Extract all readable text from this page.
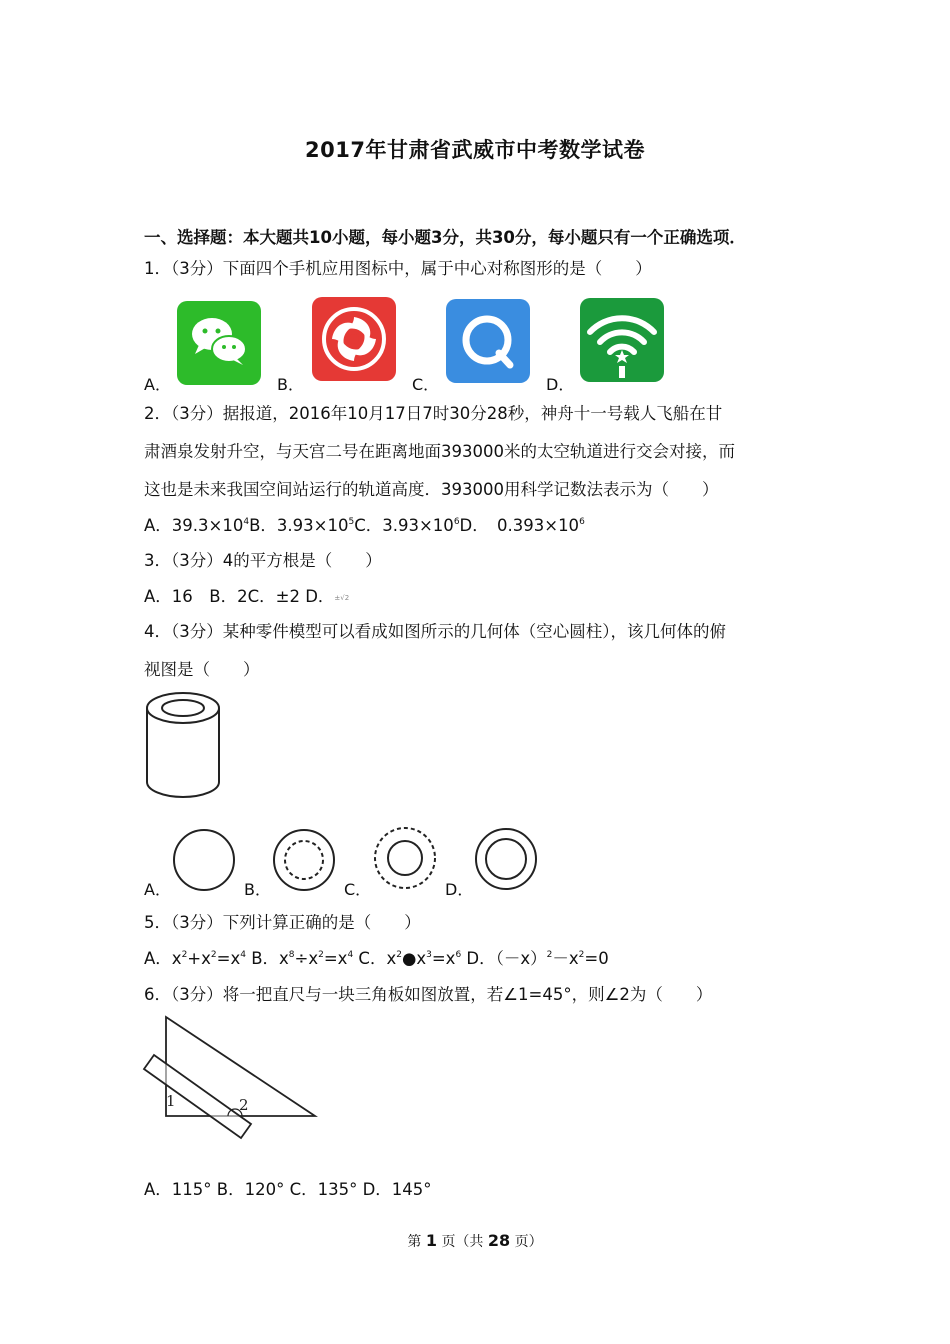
2017年甘肃省武威市中考数学试卷
一、选择题：本大题共10小题，每小题3分，共30分，每小题只有一个正确选项．
1．（3分）下面四个手机应用图标中，属于中心对称图形的是（　　）
A．	B．	C．	D．
2．（3分）据报道，2016年10月17日7时30分28秒，神舟十一号载人飞船在甘
肃酒泉发射升空，与天宫二号在距离地面393000米的太空轨道进行交会对接，而
这也是未来我国空间站运行的轨道高度．393000用科学记数法表示为（　　）
A．$39.3\times 10^4B$．$3.93\times 10^5C$．$3.93\times 10^6D$．　$0.393\times 10^6$
3．（3分）4的平方根是（　　）
A．16　B．2C．±2 D．±√2
4．（3分）某种零件模型可以看成如图所示的几何体（空心圆柱），该几何体的俯
视图是（　　）
A．	B．	C．	D．
5．（3分）下列计算正确的是（　　）
A．$x^2+x^2=x^4$ B．$x^8\div x^2=x^4$ C．$x^2●x^3=x^6$ D．$(-x)^2-x^2=0$
6．（3分）将一把直尺与一块三角板如图放置，若∠1=45°，则∠2为（　　）
1	2
A．115° B．120° C．135° D．145°
第 1 页（共 28 页）
